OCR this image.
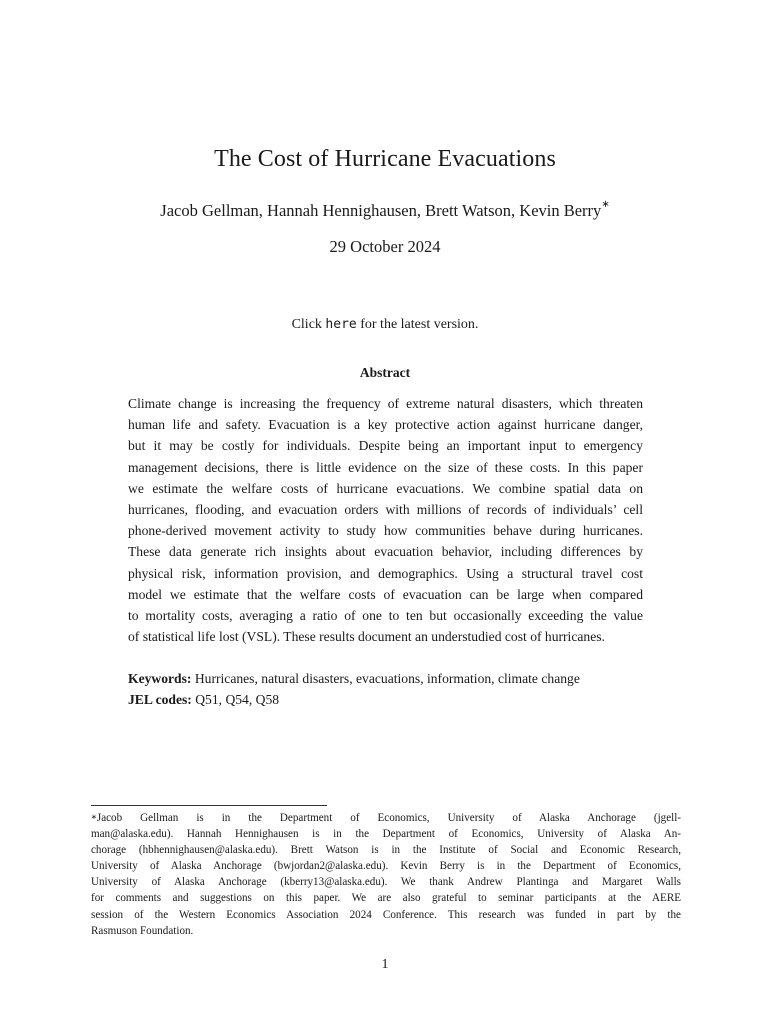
The Cost of Hurricane Evacuations
Jacob Gellman, Hannah Hennighausen, Brett Watson, Kevin Berry∗
29 October 2024
Click here for the latest version.
Abstract
Climate change is increasing the frequency of extreme natural disasters, which threaten
human life and safety. Evacuation is a key protective action against hurricane danger,
but it may be costly for individuals. Despite being an important input to emergency
management decisions, there is little evidence on the size of these costs. In this paper
we estimate the welfare costs of hurricane evacuations. We combine spatial data on
hurricanes, flooding, and evacuation orders with millions of records of individuals’ cell
phone-derived movement activity to study how communities behave during hurricanes.
These data generate rich insights about evacuation behavior, including differences by
physical risk, information provision, and demographics. Using a structural travel cost
model we estimate that the welfare costs of evacuation can be large when compared
to mortality costs, averaging a ratio of one to ten but occasionally exceeding the value
of statistical life lost (VSL). These results document an understudied cost of hurricanes.
Keywords: Hurricanes, natural disasters, evacuations, information, climate change
JEL codes: Q51, Q54, Q58
∗Jacob Gellman is in the Department of Economics, University of Alaska Anchorage (jgell-
man@alaska.edu). Hannah Hennighausen is in the Department of Economics, University of Alaska An-
chorage (hbhennighausen@alaska.edu). Brett Watson is in the Institute of Social and Economic Research,
University of Alaska Anchorage (bwjordan2@alaska.edu). Kevin Berry is in the Department of Economics,
University of Alaska Anchorage (kberry13@alaska.edu). We thank Andrew Plantinga and Margaret Walls
for comments and suggestions on this paper. We are also grateful to seminar participants at the AERE
session of the Western Economics Association 2024 Conference. This research was funded in part by the
Rasmuson Foundation.
1
